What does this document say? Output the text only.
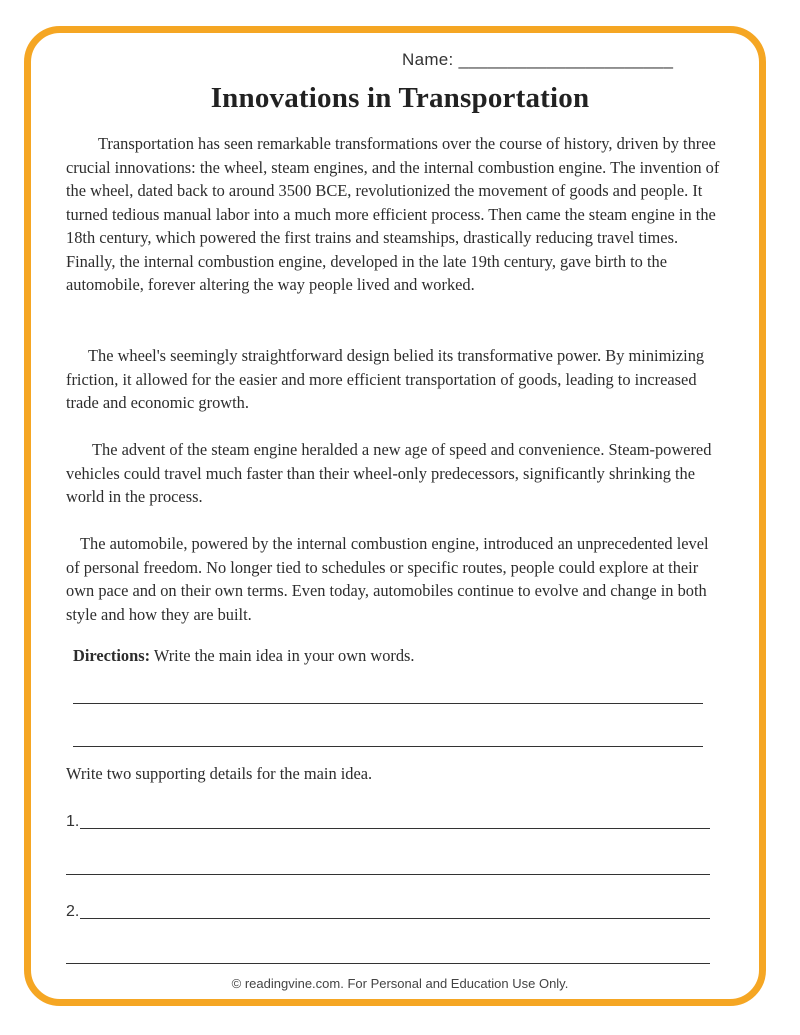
Name: ______________________
Innovations in Transportation

Transportation has seen remarkable transformations over the course of history, driven by three crucial innovations: the wheel, steam engines, and the internal combustion engine. The invention of the wheel, dated back to around 3500 BCE, revolutionized the movement of goods and people. It turned tedious manual labor into a much more efficient process. Then came the steam engine in the 18th century, which powered the first trains and steamships, drastically reducing travel times. Finally, the internal combustion engine, developed in the late 19th century, gave birth to the automobile, forever altering the way people lived and worked.

The wheel's seemingly straightforward design belied its transformative power. By minimizing friction, it allowed for the easier and more efficient transportation of goods, leading to increased trade and economic growth.

The advent of the steam engine heralded a new age of speed and convenience. Steam-powered vehicles could travel much faster than their wheel-only predecessors, significantly shrinking the world in the process.

The automobile, powered by the internal combustion engine, introduced an unprecedented level of personal freedom. No longer tied to schedules or specific routes, people could explore at their own pace and on their own terms. Even today, automobiles continue to evolve and change in both style and how they are built.

Directions: Write the main idea in your own words.
Write two supporting details for the main idea.
1.
2.
© readingvine.com. For Personal and Education Use Only.
